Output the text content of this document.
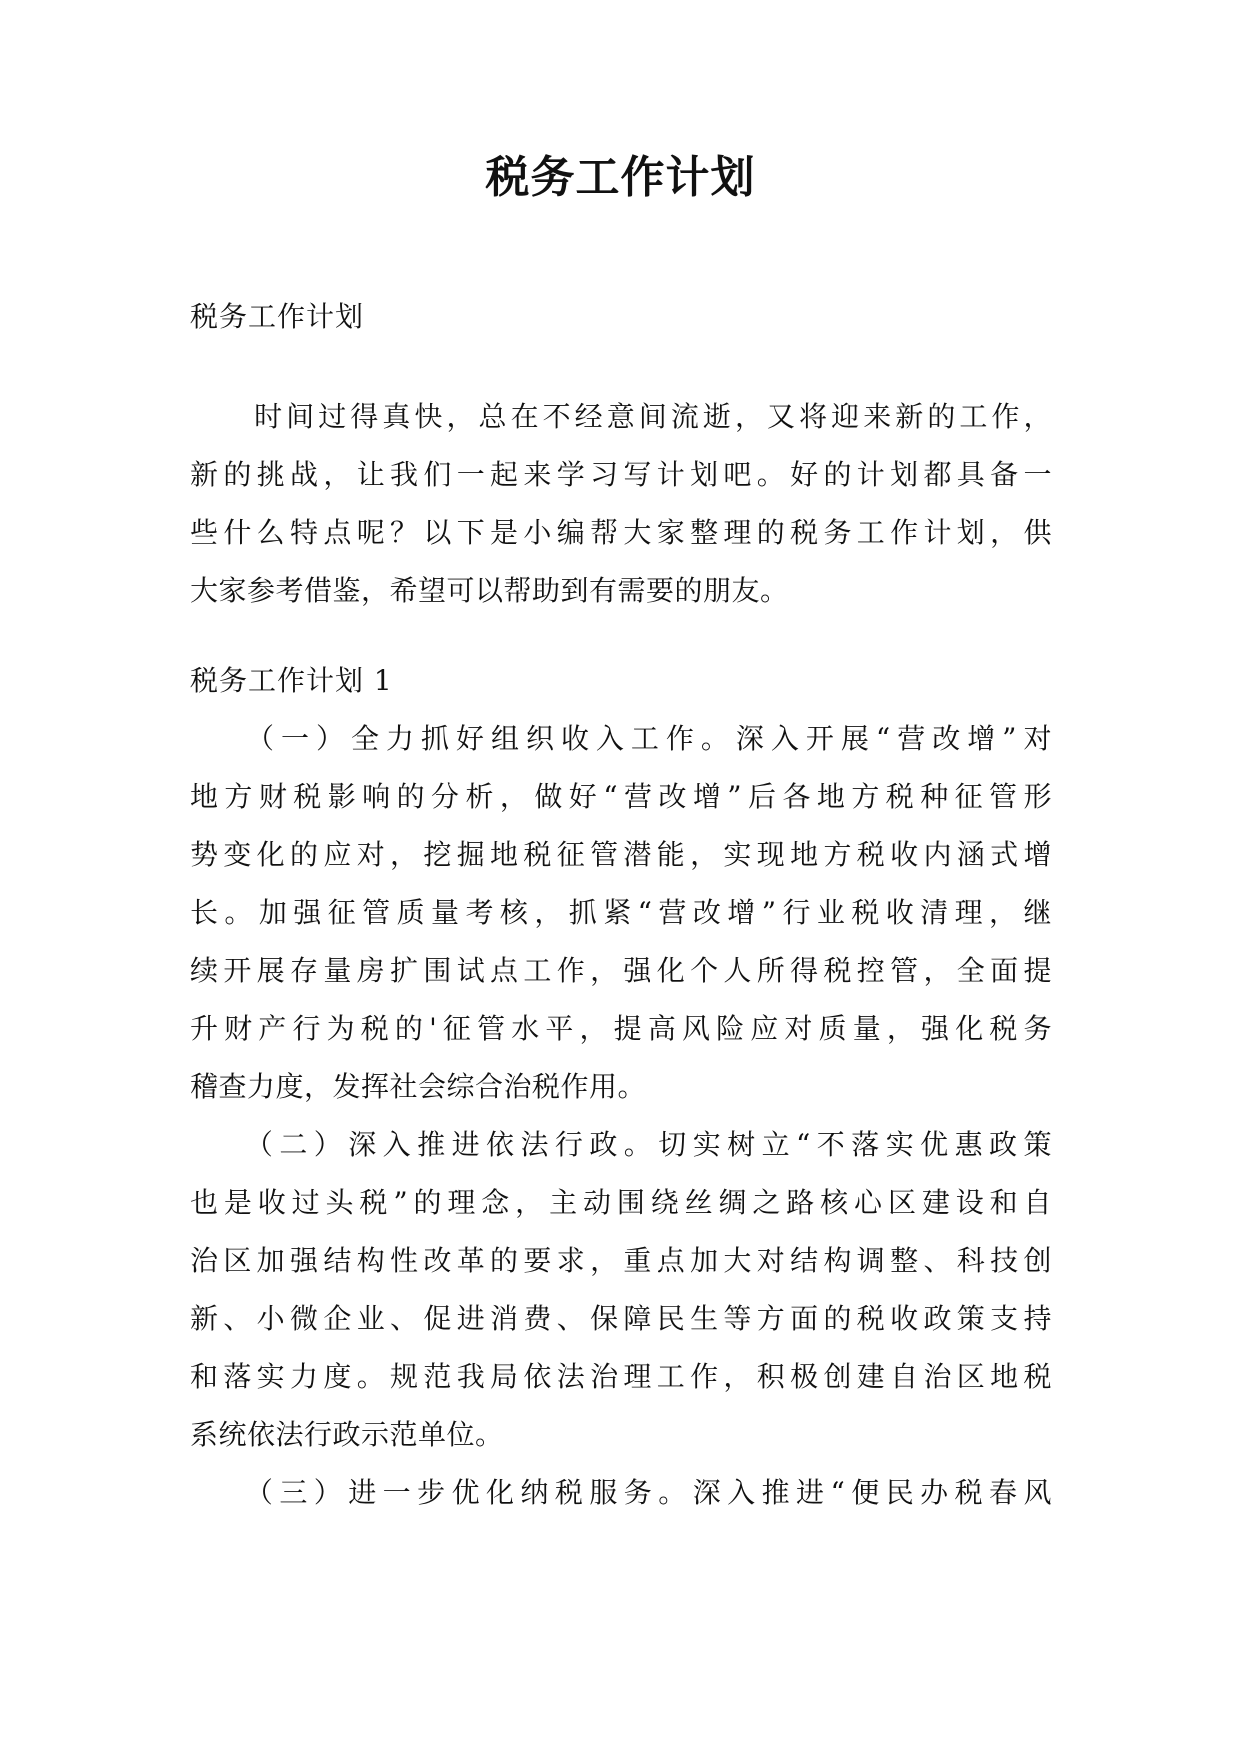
税务工作计划
税务工作计划
　　时间过得真快，总在不经意间流逝，又将迎来新的工作，
新的挑战，让我们一起来学习写计划吧。好的计划都具备一
些什么特点呢？以下是小编帮大家整理的税务工作计划，供
大家参考借鉴，希望可以帮助到有需要的朋友。
税务工作计划 1
　　（一）全力抓好组织收入工作。深入开展“营改增”对
地方财税影响的分析，做好“营改增”后各地方税种征管形
势变化的应对，挖掘地税征管潜能，实现地方税收内涵式增
长。加强征管质量考核，抓紧“营改增”行业税收清理，继
续开展存量房扩围试点工作，强化个人所得税控管，全面提
升财产行为税的'征管水平，提高风险应对质量，强化税务
稽查力度，发挥社会综合治税作用。
　　（二）深入推进依法行政。切实树立“不落实优惠政策
也是收过头税”的理念，主动围绕丝绸之路核心区建设和自
治区加强结构性改革的要求，重点加大对结构调整、科技创
新、小微企业、促进消费、保障民生等方面的税收政策支持
和落实力度。规范我局依法治理工作，积极创建自治区地税
系统依法行政示范单位。
　　（三）进一步优化纳税服务。深入推进“便民办税春风
